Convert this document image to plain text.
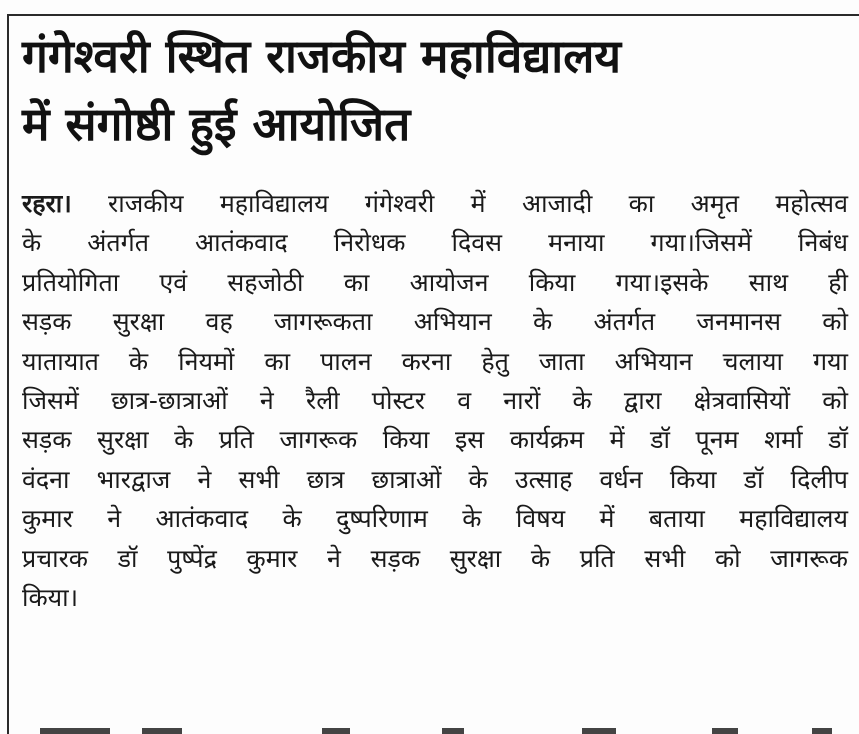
गंगेश्वरी स्थित राजकीय महाविद्यालय
में संगोष्ठी हुई आयोजित
रहरा। राजकीय महाविद्यालय गंगेश्वरी में आजादी का अमृत महोत्सव
के अंतर्गत आतंकवाद निरोधक दिवस मनाया गया।जिसमें निबंध
प्रतियोगिता एवं सहजोठी का आयोजन किया गया।इसके साथ ही
सड़क सुरक्षा वह जागरूकता अभियान के अंतर्गत जनमानस को
यातायात के नियमों का पालन करना हेतु जाता अभियान चलाया गया
जिसमें छात्र-छात्राओं ने रैली पोस्टर व नारों के द्वारा क्षेत्रवासियों को
सड़क सुरक्षा के प्रति जागरूक किया इस कार्यक्रम में डॉ पूनम शर्मा डॉ
वंदना भारद्वाज ने सभी छात्र छात्राओं के उत्साह वर्धन किया डॉ दिलीप
कुमार ने आतंकवाद के दुष्परिणाम के विषय में बताया महाविद्यालय
प्रचारक डॉ पुष्पेंद्र कुमार ने सड़क सुरक्षा के प्रति सभी को जागरूक
किया।
